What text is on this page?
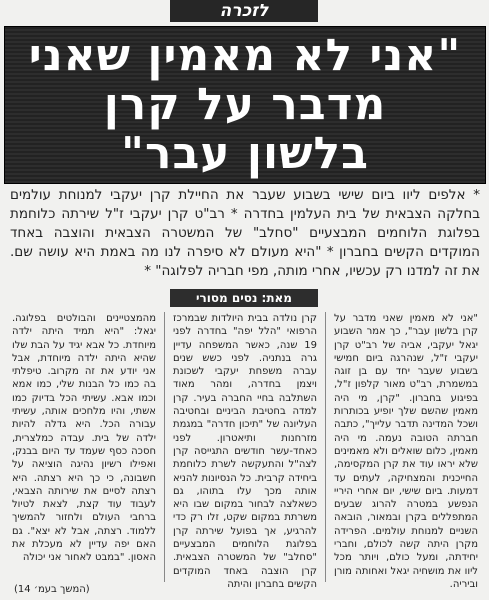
לזכרה
"אני לא מאמין שאני
מדבר על קרן
בלשון עבר"

* אלפים ליוו ביום שישי בשבוע שעבר את החיילת קרן יעקבי למנוחת עולמים בחלקה הצבאית של בית העלמין בחדרה * רב"ט קרן יעקבי ז"ל שירתה כלוחמת בפלוגת הלוחמים המבצעיים "סחלב" של המשטרה הצבאית והוצבה באחד המוקדים הקשים בחברון * "היא מעולם לא סיפרה לנו מה באמת היא עושה שם. את זה למדנו רק עכשיו, אחרי מותה, מפי חבריה לפלוגה" *

מאת: נסים מסורי

"אני לא מאמין שאני מדבר על קרן בלשון עבר", כך אמר השבוע יגאל יעקבי, אביה של רב"ט קרן יעקבי ז"ל, שנהרגה ביום חמישי בשבוע שעבר יחד עם בן זוגה במשמרת, רב"ט מאור קלפון ז"ל, בפיגוע בחברון. "קרן, מי היה מאמין שהשם שלך יופיע בכותרות ושכל המדינה תדבר עלייך", כתבה חברתה הטובה נעמה. מי היה מאמין, כלום שואלים ולא מאמינים שלא יראו עוד את קרן המקסימה, החייכנית והמצחיקה, לעתים עד דמעות. ביום שישי, יום אחרי היריי הנפשע במטרה להרוג שבעים המתפללים בקרן ובמאור, הובאה השניים למנוחת עולמים. הפרידה מקרן היתה קשה לכולם, וחברי יחידתה, ומעל כולם, ויותר מכל ליוו את מושחיה יגאל ואחותה מורן וביריה.

קרן נולדה בבית היולדות שבמרכז הרפואי "הלל יפה" בחדרה לפני 19 שנה, כאשר המשפחה עדיין גרה בנתניה. לפני כשש שנים עברה משפחת יעקבי לשכונת ויצמן בחדרה, ומהר מאוד השתלבה בחיי החברה בעיר. קרן למדה בחטיבת הביניים ובחטיבה העליונה של "תיכון חדרה" במגמת מזרחנות ותיאטרון. לפני כאחד-עשר חודשים התגייסה קרן לצה"ל והתעקשה לשרת כלוחמת ביחידה קרבית. כל הנסיונות להניא אותה מכך עלו בתוהו, גם כשאלצה לבחור במקום שבו היא משרתת במקום שקט, זלו רק כדי להרגיע, אך בפועל שירתה קרן בפלוגת הלוחמים המבצעיים "סחלב" של המשטרה הצבאית. קרן הוצבה באחד המוקדים הקשים בחברון והיתה

מהמצטיינים והבולטים בפלוגה. יגאל: "היא תמיד היתה ילדה מיוחדת. כל אבא יגיד על הבת שלו שהיא היתה ילדה מיוחדת, אבל אני יודע את זה מקרוב. טיפלתי בה כמו כל הבנות שלי, כמו אמא וכמו אבא. עשיתי הכל בדיוק כמו אשתי, והיו מלחכים אותה, עשיתי עבורה הכל. היא גדלה להיות ילדה של בית. עבדה כמלצרית, חסכה כסף שעמד עד היום בבנק, ואפילו רשיון נהיגה הוציאה על חשבונה, כי כך היא רצתה. היא רצתה לסיים את שירותה הצבאי, לעבוד עוד קצת, לצאת לטיול ברחבי העולם ולחזור להמשיך ללמוד. רצתה, אבל לא יצא". גם האם יפה עדיין לא מעכלת את האסון. "במבט לאחור אני יכולה

(המשך בעמ׳ 14)
